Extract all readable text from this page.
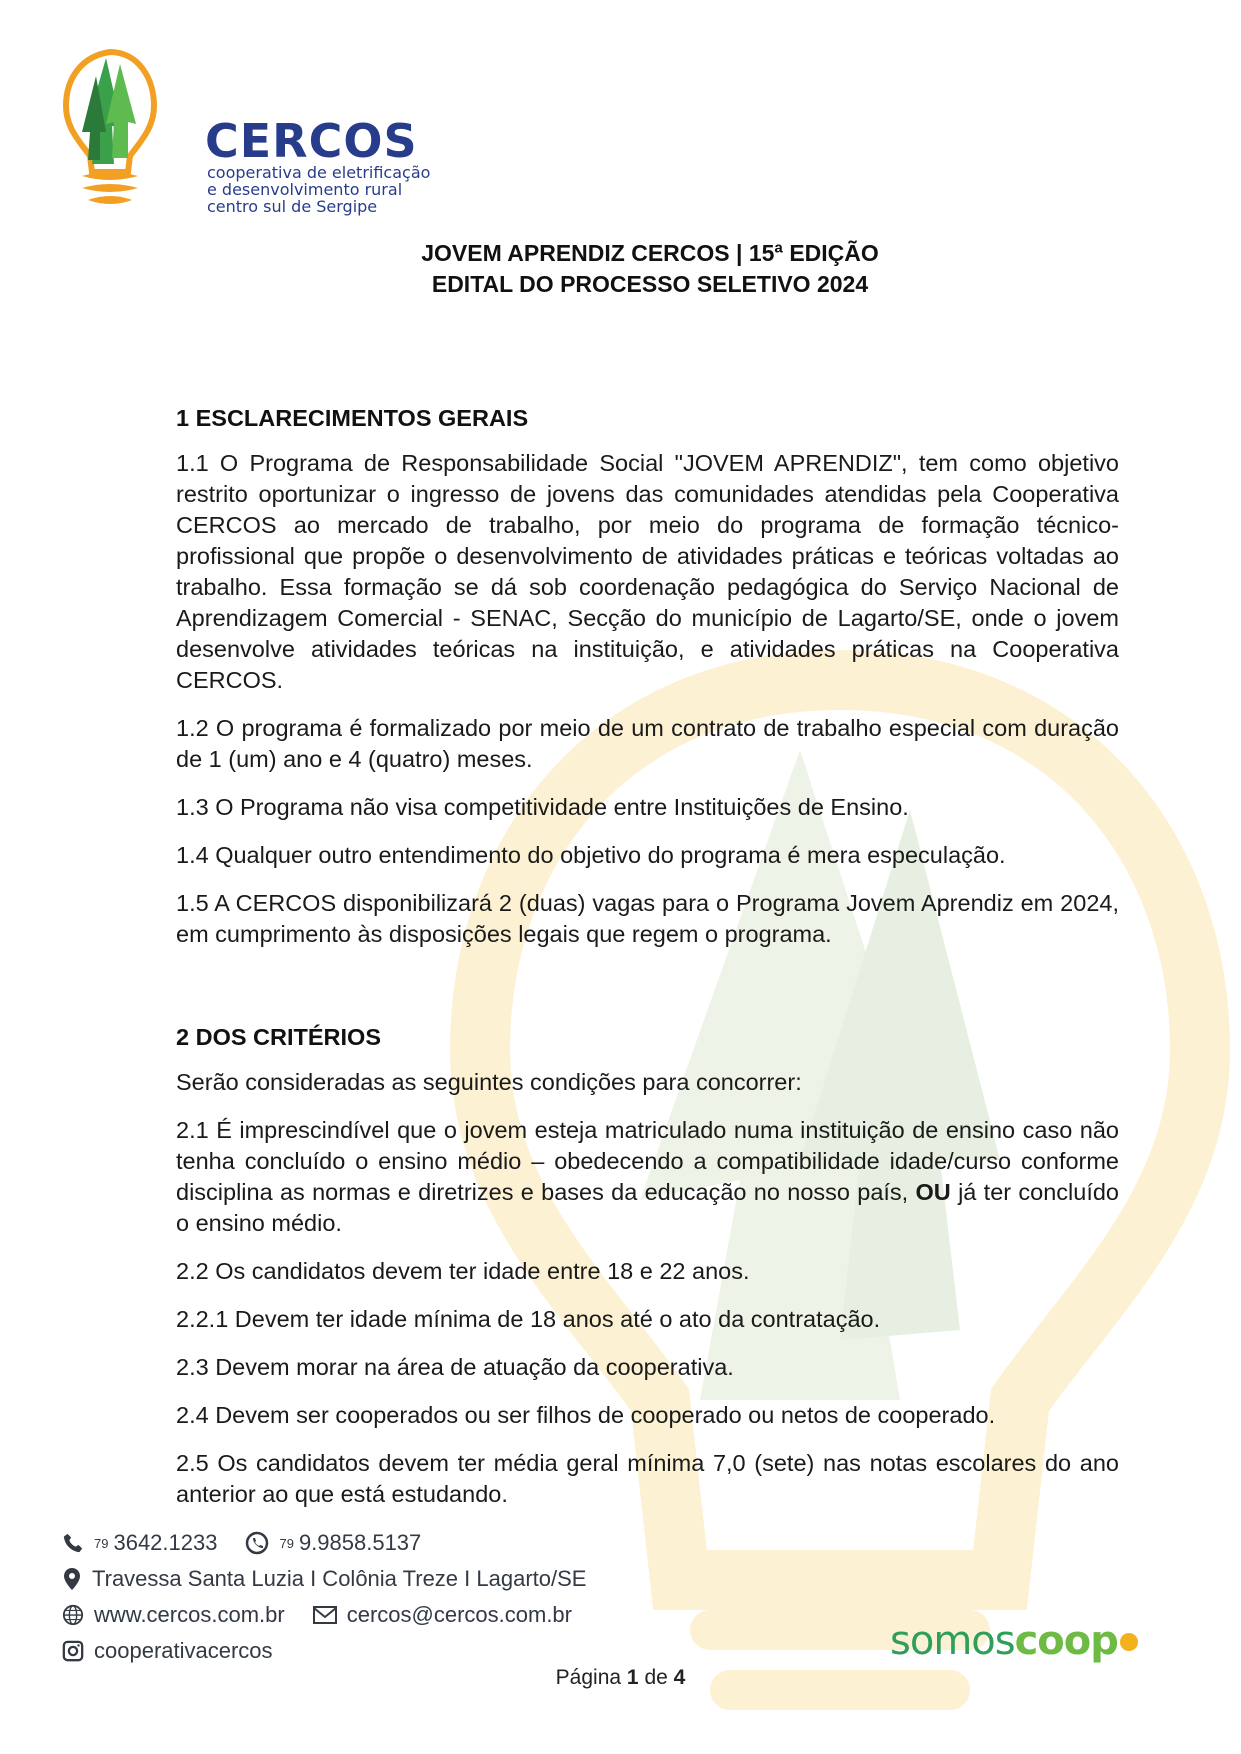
CERCOS
cooperativa de eletrificação
e desenvolvimento rural
centro sul de Sergipe
JOVEM APRENDIZ CERCOS | 15ª EDIÇÃO
EDITAL DO PROCESSO SELETIVO 2024
1 ESCLARECIMENTOS GERAIS

1.1 O Programa de Responsabilidade Social "JOVEM APRENDIZ", tem como objetivo restrito oportunizar o ingresso de jovens das comunidades atendidas pela Cooperativa CERCOS ao mercado de trabalho, por meio do programa de formação técnico-profissional que propõe o desenvolvimento de atividades práticas e teóricas voltadas ao trabalho. Essa formação se dá sob coordenação pedagógica do Serviço Nacional de Aprendizagem Comercial - SENAC, Secção do município de Lagarto/SE, onde o jovem desenvolve atividades teóricas na instituição, e atividades práticas na Cooperativa CERCOS.

1.2 O programa é formalizado por meio de um contrato de trabalho especial com duração de 1 (um) ano e 4 (quatro) meses.

1.3 O Programa não visa competitividade entre Instituições de Ensino.

1.4 Qualquer outro entendimento do objetivo do programa é mera especulação.

1.5 A CERCOS disponibilizará 2 (duas) vagas para o Programa Jovem Aprendiz em 2024, em cumprimento às disposições legais que regem o programa.

2 DOS CRITÉRIOS

Serão consideradas as seguintes condições para concorrer:

2.1 É imprescindível que o jovem esteja matriculado numa instituição de ensino caso não tenha concluído o ensino médio – obedecendo a compatibilidade idade/curso conforme disciplina as normas e diretrizes e bases da educação no nosso país, OU já ter concluído o ensino médio.

2.2 Os candidatos devem ter idade entre 18 e 22 anos.

2.2.1 Devem ter idade mínima de 18 anos até o ato da contratação.

2.3 Devem morar na área de atuação da cooperativa.

2.4 Devem ser cooperados ou ser filhos de cooperado ou netos de cooperado.

2.5 Os candidatos devem ter média geral mínima 7,0 (sete) nas notas escolares do ano anterior ao que está estudando.

79 3642.1233	79 9.9858.5137
Travessa Santa Luzia I Colônia Treze I Lagarto/SE
www.cercos.com.br	cercos@cercos.com.br
cooperativacercos	somoscoop
Página 1 de 4
